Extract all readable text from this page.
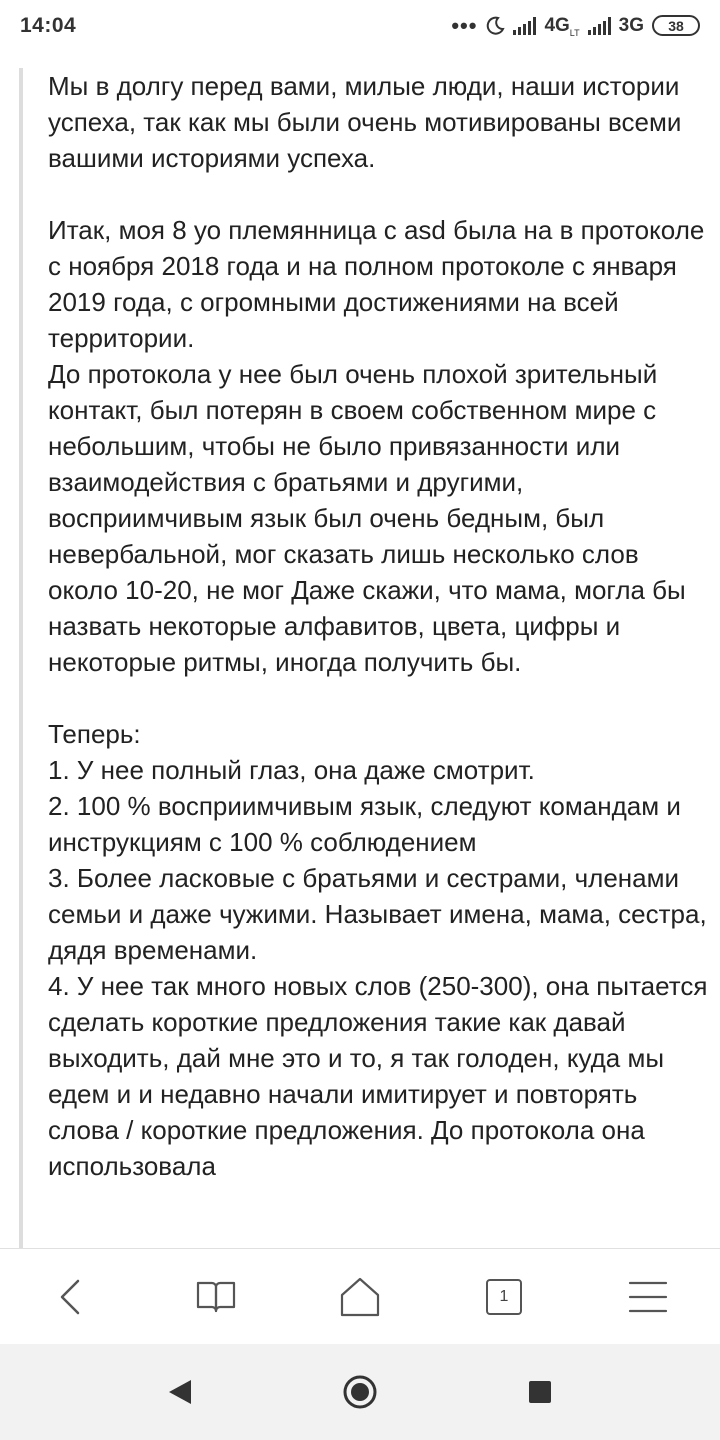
14:04	•••	$4G_{LT}$ 3G	38

Мы в долгу перед вами, милые люди, наши истории успеха, так как мы были очень мотивированы всеми вашими историями успеха.

Итак, моя 8 уо племянница с asd была на в протоколе с ноября 2018 года и на полном протоколе с января 2019 года, с огромными достижениями на всей территории.
До протокола у нее был очень плохой зрительный контакт, был потерян в своем собственном мире с небольшим, чтобы не было привязанности или взаимодействия с братьями и другими, восприимчивым язык был очень бедным, был невербальной, мог сказать лишь несколько слов около 10-20, не мог Даже скажи, что мама, могла бы назвать некоторые алфавитов, цвета, цифры и некоторые ритмы, иногда получить бы.

Теперь:
1. У нее полный глаз, она даже смотрит.
2. 100 % восприимчивым язык, следуют командам и инструкциям с 100 % соблюдением
3. Более ласковые с братьями и сестрами, членами семьи и даже чужими. Называет имена, мама, сестра, дядя временами.
4. У нее так много новых слов (250-300), она пытается сделать короткие предложения такие как давай выходить, дай мне это и то, я так голоден, куда мы едем и и недавно начали имитирует и повторять слова / короткие предложения. До протокола она использовала

1
